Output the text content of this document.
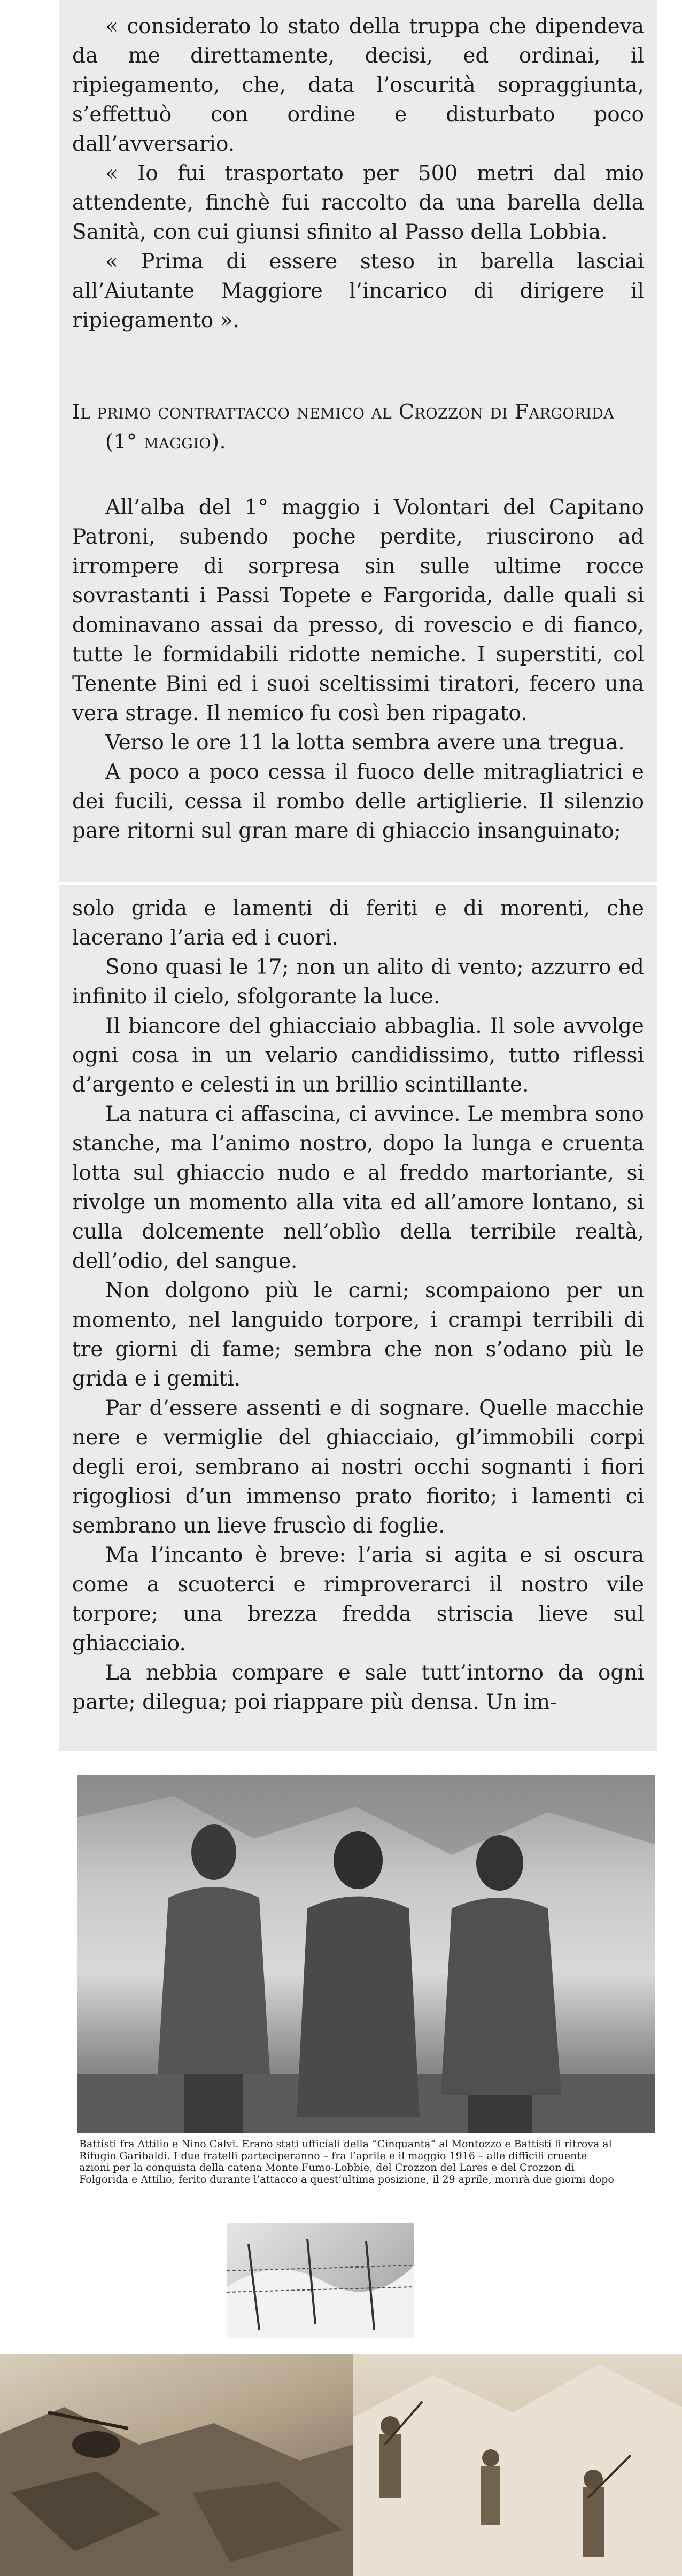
« considerato lo stato della truppa che dipendeva da me direttamente, decisi, ed ordinai, il ripiegamento, che, data l’oscurità sopraggiunta, s’effettuò con ordine e disturbato poco dall’avversario.

« Io fui trasportato per 500 metri dal mio attendente, finchè fui raccolto da una barella della Sanità, con cui giunsi sfinito al Passo della Lobbia.

« Prima di essere steso in barella lasciai all’Aiutante Maggiore l’incarico di dirigere il ripiegamento ».

Il primo contrattacco nemico al Crozzon di Fargorida (1° maggio).

All’alba del 1° maggio i Volontari del Capitano Patroni, subendo poche perdite, riuscirono ad irrompere di sorpresa sin sulle ultime rocce sovrastanti i Passi Topete e Fargorida, dalle quali si dominavano assai da presso, di rovescio e di fianco, tutte le formidabili ridotte nemiche. I superstiti, col Tenente Bini ed i suoi sceltissimi tiratori, fecero una vera strage. Il nemico fu così ben ripagato.

Verso le ore 11 la lotta sembra avere una tregua.

A poco a poco cessa il fuoco delle mitragliatrici e dei fucili, cessa il rombo delle artiglierie. Il silenzio pare ritorni sul gran mare di ghiaccio insanguinato;

solo grida e lamenti di feriti e di morenti, che lacerano l’aria ed i cuori.

Sono quasi le 17; non un alito di vento; azzurro ed infinito il cielo, sfolgorante la luce.

Il biancore del ghiacciaio abbaglia. Il sole avvolge ogni cosa in un velario candidissimo, tutto riflessi d’argento e celesti in un brillio scintillante.

La natura ci affascina, ci avvince. Le membra sono stanche, ma l’animo nostro, dopo la lunga e cruenta lotta sul ghiaccio nudo e al freddo martoriante, si rivolge un momento alla vita ed all’amore lontano, si culla dolcemente nell’oblìo della terribile realtà, dell’odio, del sangue.

Non dolgono più le carni; scompaiono per un momento, nel languido torpore, i crampi terribili di tre giorni di fame; sembra che non s’odano più le grida e i gemiti.

Par d’essere assenti e di sognare. Quelle macchie nere e vermiglie del ghiacciaio, gl’immobili corpi degli eroi, sembrano ai nostri occhi sognanti i fiori rigogliosi d’un immenso prato fiorito; i lamenti ci sembrano un lieve fruscìo di foglie.

Ma l’incanto è breve: l’aria si agita e si oscura come a scuoterci e rimproverarci il nostro vile torpore; una brezza fredda striscia lieve sul ghiacciaio.

La nebbia compare e sale tutt’intorno da ogni parte; dilegua; poi riappare più densa. Un im-

Battisti fra Attilio e Nino Calvi. Erano stati ufficiali della “Cinquanta” al Montozzo e Battisti li ritrova al Rifugio Garibaldi. I due fratelli parteciperanno – fra l’aprile e il maggio 1916 – alle difficili cruente azioni per la conquista della catena Monte Fumo-Lobbie, del Crozzon del Lares e del Crozzon di Folgorida e Attilio, ferito durante l’attacco a quest’ultima posizione, il 29 aprile, morirà due giorni dopo
